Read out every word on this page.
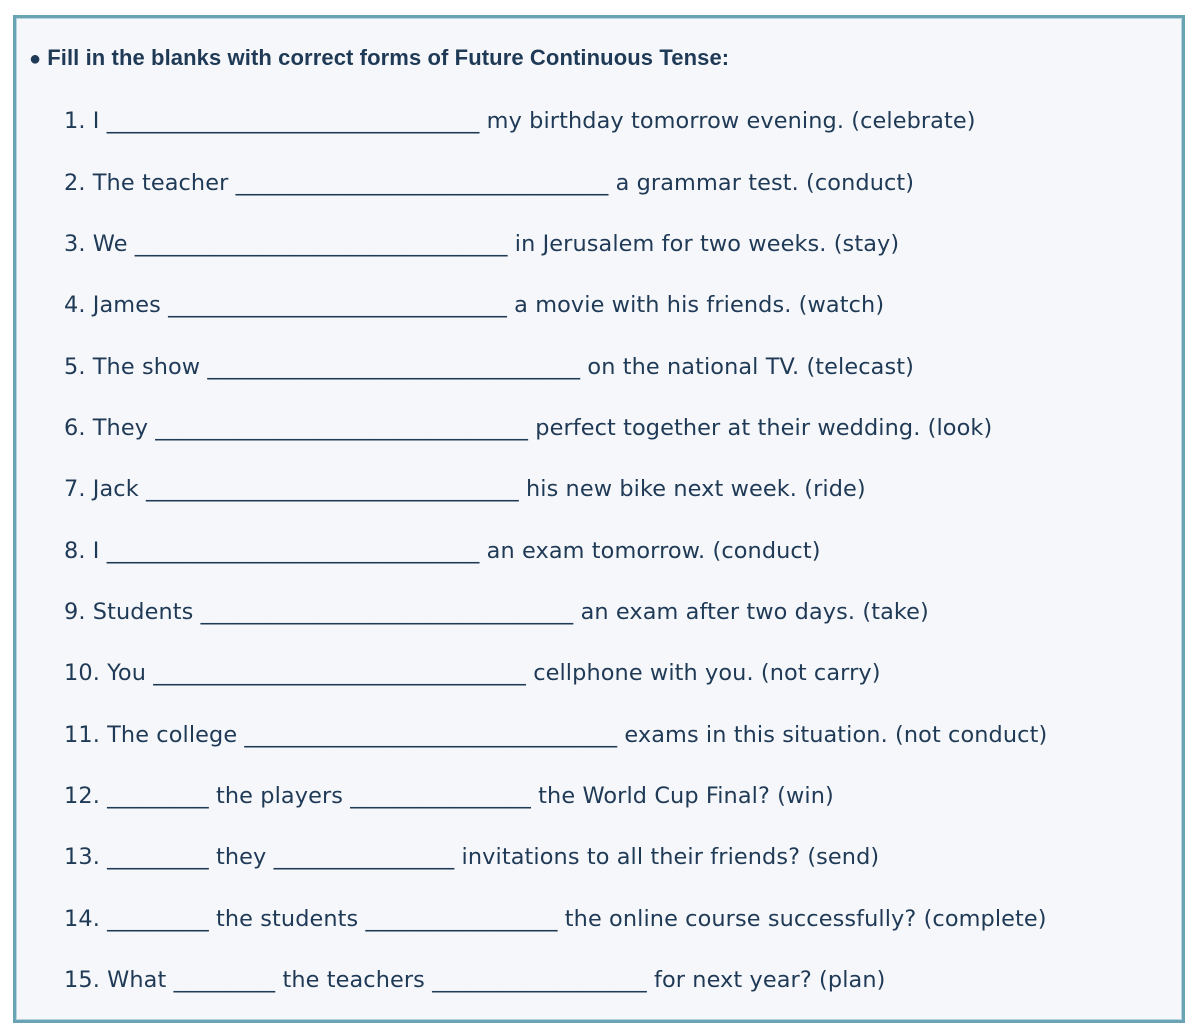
● Fill in the blanks with correct forms of Future Continuous Tense:
1. I _________________________________ my birthday tomorrow evening. (celebrate)
2. The teacher _________________________________ a grammar test. (conduct)
3. We _________________________________ in Jerusalem for two weeks. (stay)
4. James ______________________________ a movie with his friends. (watch)
5. The show _________________________________ on the national TV. (telecast)
6. They _________________________________ perfect together at their wedding. (look)
7. Jack _________________________________ his new bike next week. (ride)
8. I _________________________________ an exam tomorrow. (conduct)
9. Students _________________________________ an exam after two days. (take)
10. You _________________________________ cellphone with you. (not carry)
11. The college _________________________________ exams in this situation. (not conduct)
12. _________ the players ________________ the World Cup Final? (win)
13. _________ they ________________ invitations to all their friends? (send)
14. _________ the students _________________ the online course successfully? (complete)
15. What _________ the teachers ___________________ for next year? (plan)
